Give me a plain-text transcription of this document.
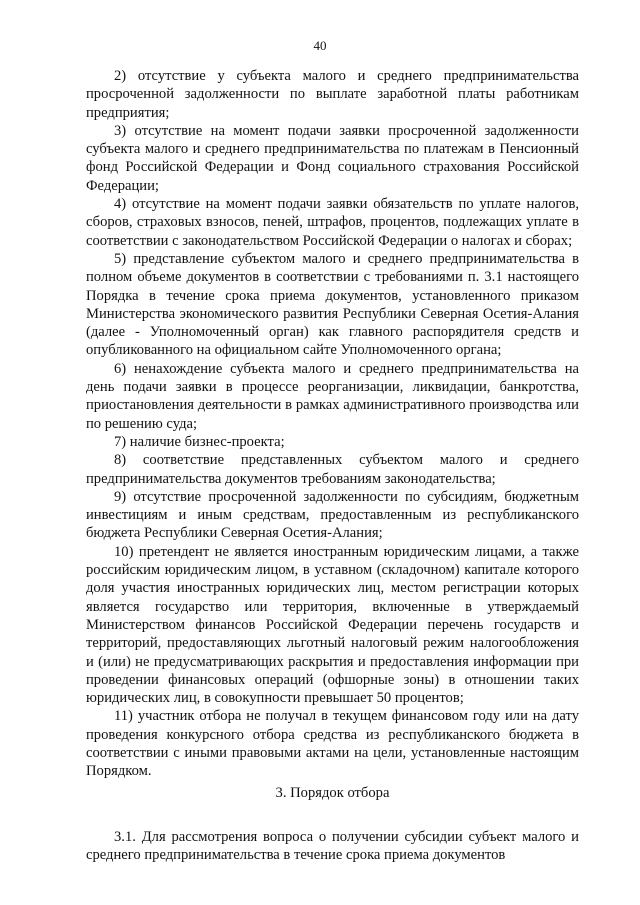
40

2) отсутствие у субъекта малого и среднего предпринимательства просроченной задолженности по выплате заработной платы работникам предприятия;

3) отсутствие на момент подачи заявки просроченной задолженности субъекта малого и среднего предпринимательства по платежам в Пенсионный фонд Российской Федерации и Фонд социального страхования Российской Федерации;

4) отсутствие на момент подачи заявки обязательств по уплате налогов, сборов, страховых взносов, пеней, штрафов, процентов, подлежащих уплате в соответствии с законодательством Российской Федерации о налогах и сборах;

5) представление субъектом малого и среднего предпринимательства в полном объеме документов в соответствии с требованиями п. 3.1 настоящего Порядка в течение срока приема документов, установленного приказом Министерства экономического развития Республики Северная Осетия-Алания (далее - Уполномоченный орган) как главного распорядителя средств и опубликованного на официальном сайте Уполномоченного органа;

6) ненахождение субъекта малого и среднего предпринимательства на день подачи заявки в процессе реорганизации, ликвидации, банкротства, приостановления деятельности в рамках административного производства или по решению суда;

7) наличие бизнес-проекта;

8) соответствие представленных субъектом малого и среднего предпринимательства документов требованиям законодательства;

9) отсутствие просроченной задолженности по субсидиям, бюджетным инвестициям и иным средствам, предоставленным из республиканского бюджета Республики Северная Осетия-Алания;

10) претендент не является иностранным юридическим лицами, а также российским юридическим лицом, в уставном (складочном) капитале которого доля участия иностранных юридических лиц, местом регистрации которых является государство или территория, включенные в утверждаемый Министерством финансов Российской Федерации перечень государств и территорий, предоставляющих льготный налоговый режим налогообложения и (или) не предусматривающих раскрытия и предоставления информации при проведении финансовых операций (офшорные зоны) в отношении таких юридических лиц, в совокупности превышает 50 процентов;

11) участник отбора не получал в текущем финансовом году или на дату проведения конкурсного отбора средства из республиканского бюджета в соответствии с иными правовыми актами на цели, установленные настоящим Порядком.

3. Порядок отбора

3.1. Для рассмотрения вопроса о получении субсидии субъект малого и среднего предпринимательства в течение срока приема документов
